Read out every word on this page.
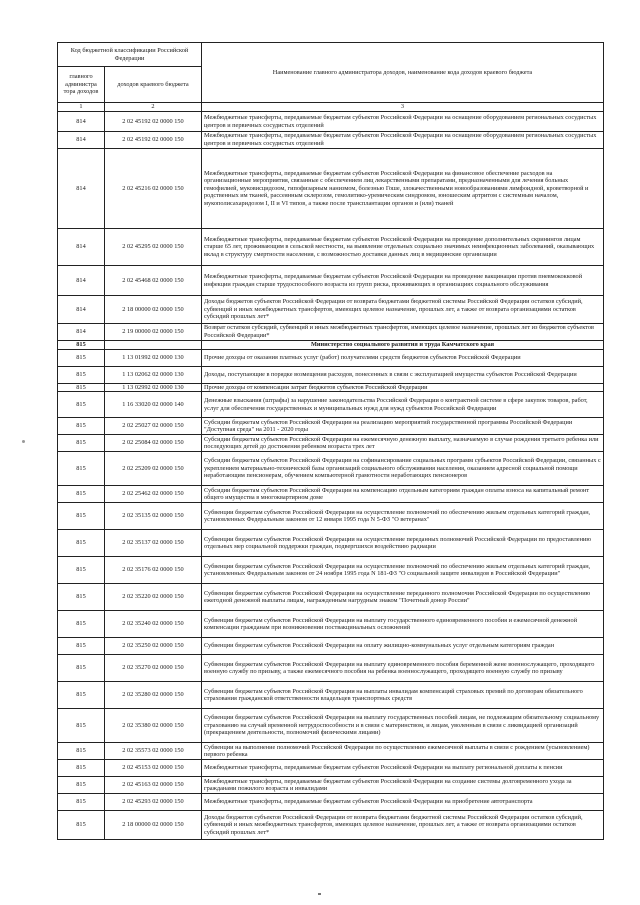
Код бюджетной классификации Российской Федерации		Наименование главного администратора доходов, наименование кода доходов краевого бюджета
главного администра тора доходов	доходов краевого бюджета	
1	2	3
814	2 02 45192 02 0000 150	Межбюджетные трансферты, передаваемые бюджетам субъектов Российской Федерации на оснащение оборудованием региональных сосудистых центров и первичных сосудистых отделений
814	2 02 45192 02 0000 150	Межбюджетные трансферты, передаваемые бюджетам субъектов Российской Федерации на оснащение оборудованием региональных сосудистых центров и первичных сосудистых отделений
814	2 02 45216 02 0000 150	Межбюджетные трансферты, передаваемые бюджетам субъектов Российской Федерации на финансовое обеспечение расходов на организационные мероприятия, связанные с обеспечением лиц лекарственными препаратами, предназначенными для лечения больных гемофилией, муковисцидозом, гипофизарным нанизмом, болезнью Гоше, злокачественными новообразованиями лимфоидной, кроветворной и родственных им тканей, рассеянным склерозом, гемолитико-уремическим синдромом, юношеским артритом с системным началом, мукополисахаридозом I, II и VI типов, а также после трансплантации органов и (или) тканей
814	2 02 45295 02 0000 150	Межбюджетные трансферты, передаваемые бюджетам субъектов Российской Федерации на проведение дополнительных скринингов лицам старше 65 лет, проживающим в сельской местности, на выявление отдельных социально значимых неинфекционных заболеваний, оказывающих вклад в структуру смертности населения, с возможностью доставки данных лиц в медицинские организации
814	2 02 45468 02 0000 150	Межбюджетные трансферты, передаваемые бюджетам субъектов Российской Федерации на проведение вакцинации против пневмококковой инфекции граждан старше трудоспособного возраста из групп риска, проживающих в организациях социального обслуживания
814	2 18 00000 02 0000 150	Доходы бюджетов субъектов Российской Федерации от возврата бюджетами бюджетной системы Российской Федерации остатков субсидий, субвенций и иных межбюджетных трансфертов, имеющих целевое назначение, прошлых лет, а также от возврата организациями остатков субсидий прошлых лет*
814	2 19 00000 02 0000 150	Возврат остатков субсидий, субвенций и иных межбюджетных трансфертов, имеющих целевое назначение, прошлых лет из бюджетов субъектов Российской Федерации*
815		Министерство социального развития и труда Камчатского края
815	1 13 01992 02 0000 130	Прочие доходы от оказания платных услуг (работ) получателями средств бюджетов субъектов Российской Федерации
815	1 13 02062 02 0000 130	Доходы, поступающие в порядке возмещения расходов, понесенных в связи с эксплуатацией имущества субъектов Российской Федерации
815	1 13 02992 02 0000 130	Прочие доходы от компенсации затрат бюджетов субъектов Российской Федерации
815	1 16 33020 02 0000 140	Денежные взыскания (штрафы) за нарушение законодательства Российской Федерации о контрактной системе в сфере закупок товаров, работ, услуг для обеспечения государственных и муниципальных нужд для нужд субъектов Российской Федерации
815	2 02 25027 02 0000 150	Субсидии бюджетам субъектов Российской Федерации на реализацию мероприятий государственной программы Российской Федерации "Доступная среда" на 2011 - 2020 годы
815	2 02 25084 02 0000 150	Субсидии бюджетам субъектов Российской Федерации на ежемесячную денежную выплату, назначаемую в случае рождения третьего ребенка или последующих детей до достижения ребенком возраста трех лет
815	2 02 25209 02 0000 150	Субсидии бюджетам субъектов Российской Федерации на софинансирование социальных программ субъектов Российской Федерации, связанных с укреплением материально-технической базы организаций социального обслуживания населения, оказанием адресной социальной помощи неработающим пенсионерам, обучением компьютерной грамотности неработающих пенсионеров
815	2 02 25462 02 0000 150	Субсидии бюджетам субъектов Российской Федерации на компенсацию отдельным категориям граждан оплаты взноса на капитальный ремонт общего имущества в многоквартирном доме
815	2 02 35135 02 0000 150	Субвенции бюджетам субъектов Российской Федерации на осуществление полномочий по обеспечению жильем отдельных категорий граждан, установленных Федеральным законом от 12 января 1995 года N 5-ФЗ "О ветеранах"
815	2 02 35137 02 0000 150	Субвенции бюджетам субъектов Российской Федерации на осуществление переданных полномочий Российской Федерации по предоставлению отдельных мер социальной поддержки граждан, подвергшихся воздействию радиации
815	2 02 35176 02 0000 150	Субвенции бюджетам субъектов Российской Федерации на осуществление полномочий по обеспечению жильем отдельных категорий граждан, установленных Федеральным законом от 24 ноября 1995 года N 181-ФЗ "О социальной защите инвалидов в Российской Федерации"
815	2 02 35220 02 0000 150	Субвенции бюджетам субъектов Российской Федерации на осуществление переданного полномочия Российской Федерации по осуществлению ежегодной денежной выплаты лицам, награжденным нагрудным знаком "Почетный донор России"
815	2 02 35240 02 0000 150	Субвенции бюджетам субъектов Российской Федерации на выплату государственного единовременного пособия и ежемесячной денежной компенсации гражданам при возникновении поствакцинальных осложнений
815	2 02 35250 02 0000 150	Субвенции бюджетам субъектов Российской Федерации на оплату жилищно-коммунальных услуг отдельным категориям граждан
815	2 02 35270 02 0000 150	Субвенции бюджетам субъектов Российской Федерации на выплату единовременного пособия беременной жене военнослужащего, проходящего военную службу по призыву, а также ежемесячного пособия на ребенка военнослужащего, проходящего военную службу по призыву
815	2 02 35280 02 0000 150	Субвенции бюджетам субъектов Российской Федерации на выплаты инвалидам компенсаций страховых премий по договорам обязательного страхования гражданской ответственности владельцев транспортных средств
815	2 02 35380 02 0000 150	Субвенции бюджетам субъектов Российской Федерации на выплату государственных пособий лицам, не подлежащим обязательному социальному страхованию на случай временной нетрудоспособности и в связи с материнством, и лицам, уволенным в связи с ликвидацией организаций (прекращением деятельности, полномочий физическими лицами)
815	2 02 35573 02 0000 150	Субвенции на выполнение полномочий Российской Федерации по осуществлению ежемесячной выплаты в связи с рождением (усыновлением) первого ребенка
815	2 02 45153 02 0000 150	Межбюджетные трансферты, передаваемые бюджетам субъектов Российской Федерации на выплату региональной доплаты к пенсии
815	2 02 45163 02 0000 150	Межбюджетные трансферты, передаваемые бюджетам субъектов Российской Федерации на создание системы долговременного ухода за гражданами пожилого возраста и инвалидами
815	2 02 45293 02 0000 150	Межбюджетные трансферты, передаваемые бюджетам субъектов Российской Федерации на приобретение автотранспорта
815	2 18 00000 02 0000 150	Доходы бюджетов субъектов Российской Федерации от возврата бюджетами бюджетной системы Российской Федерации остатков субсидий, субвенций и иных межбюджетных трансфертов, имеющих целевое назначение, прошлых лет, а также от возврата организациями остатков субсидий прошлых лет*
